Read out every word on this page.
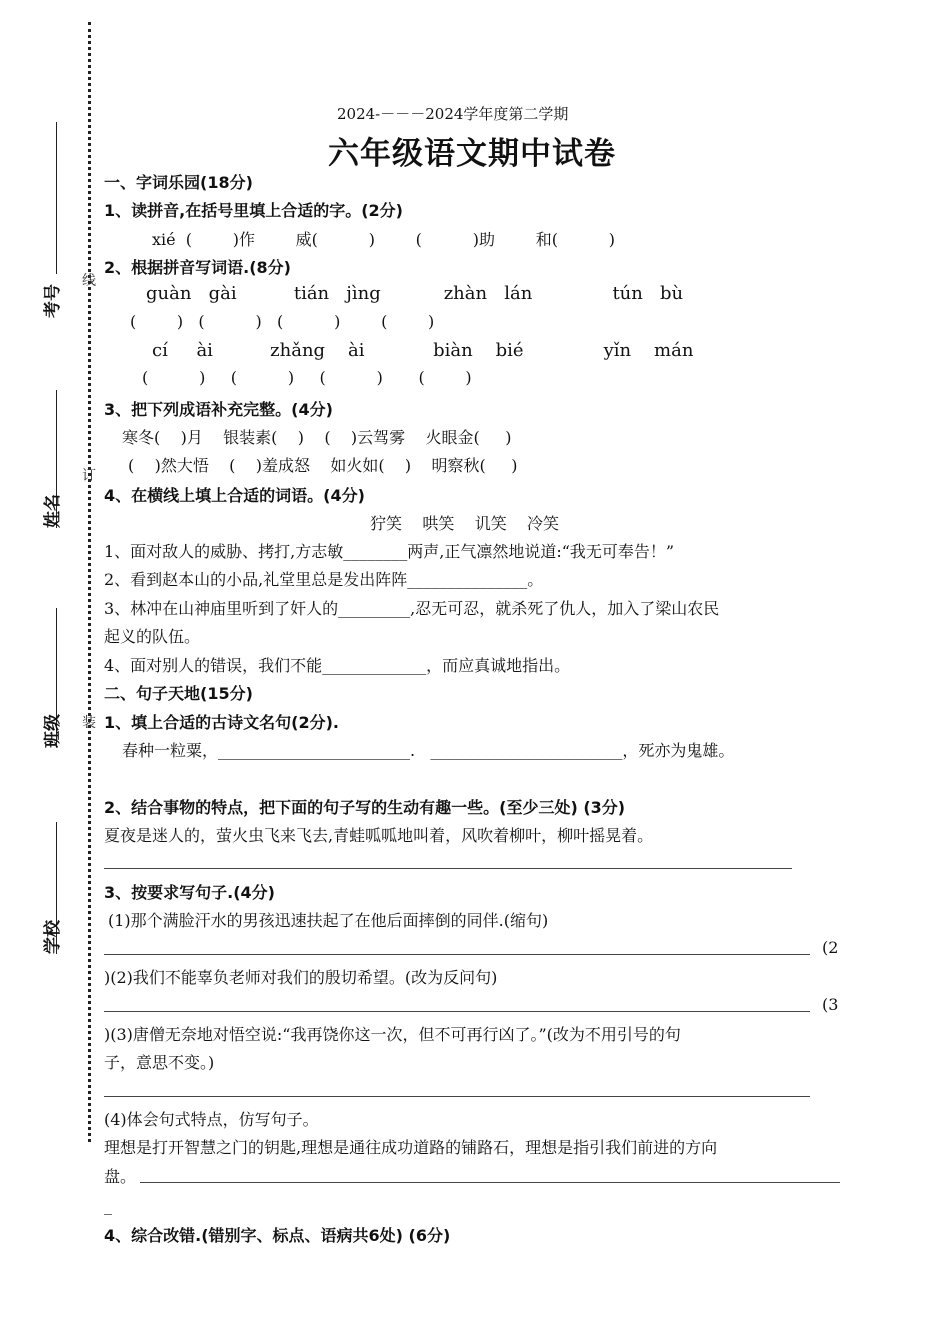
线
订
装
考号
姓名
班级
学校
2024-－－－2024学年度第二学期
六年级语文期中试卷
一、字词乐园(18分)
1、读拼音,在括号里填上合适的字。(2分)
xié  (        )作        威(          )        (          )助        和(          )
2、根据拼音写词语.(8分)
guàn   gài          tián   jìng           zhàn   lán              tún   bù
(        )   (          )   (          )        (        )
cí     ài          zhǎng    ài            biàn    bié              yǐn    mán
(          )     (          )     (          )       (        )
3、把下列成语补充完整。(4分)
寒冬(    )月    银装素(    )    (    )云驾雾    火眼金(     )
(    )然大悟    (    )羞成怒    如火如(    )    明察秋(     )
4、在横线上填上合适的词语。(4分)
狞笑    哄笑    讥笑    冷笑
1、面对敌人的威胁、拷打,方志敏________两声,正气凛然地说道:“我无可奉告！”
2、看到赵本山的小品,礼堂里总是发出阵阵_______________。
3、林冲在山神庙里听到了奸人的_________,忍无可忍，就杀死了仇人，加入了梁山农民
起义的队伍。
4、面对别人的错误，我们不能_____________，而应真诚地指出。
二、句子天地(15分)
1、填上合适的古诗文名句(2分).
春种一粒粟，________________________.   ________________________，死亦为鬼雄。
2、结合事物的特点，把下面的句子写的生动有趣一些。(至少三处) (3分)
夏夜是迷人的，萤火虫飞来飞去,青蛙呱呱地叫着，风吹着柳叶，柳叶摇晃着。
3、按要求写句子.(4分)
(1)那个满脸汗水的男孩迅速扶起了在他后面摔倒的同伴.(缩句)
(2
)(2)我们不能辜负老师对我们的殷切希望。(改为反问句)
(3
)(3)唐僧无奈地对悟空说:“我再饶你这一次，但不可再行凶了。”(改为不用引号的句
子，意思不变。)
(4)体会句式特点，仿写句子。
理想是打开智慧之门的钥匙,理想是通往成功道路的铺路石，理想是指引我们前进的方向
盘。
_
4、综合改错.(错别字、标点、语病共6处) (6分)
